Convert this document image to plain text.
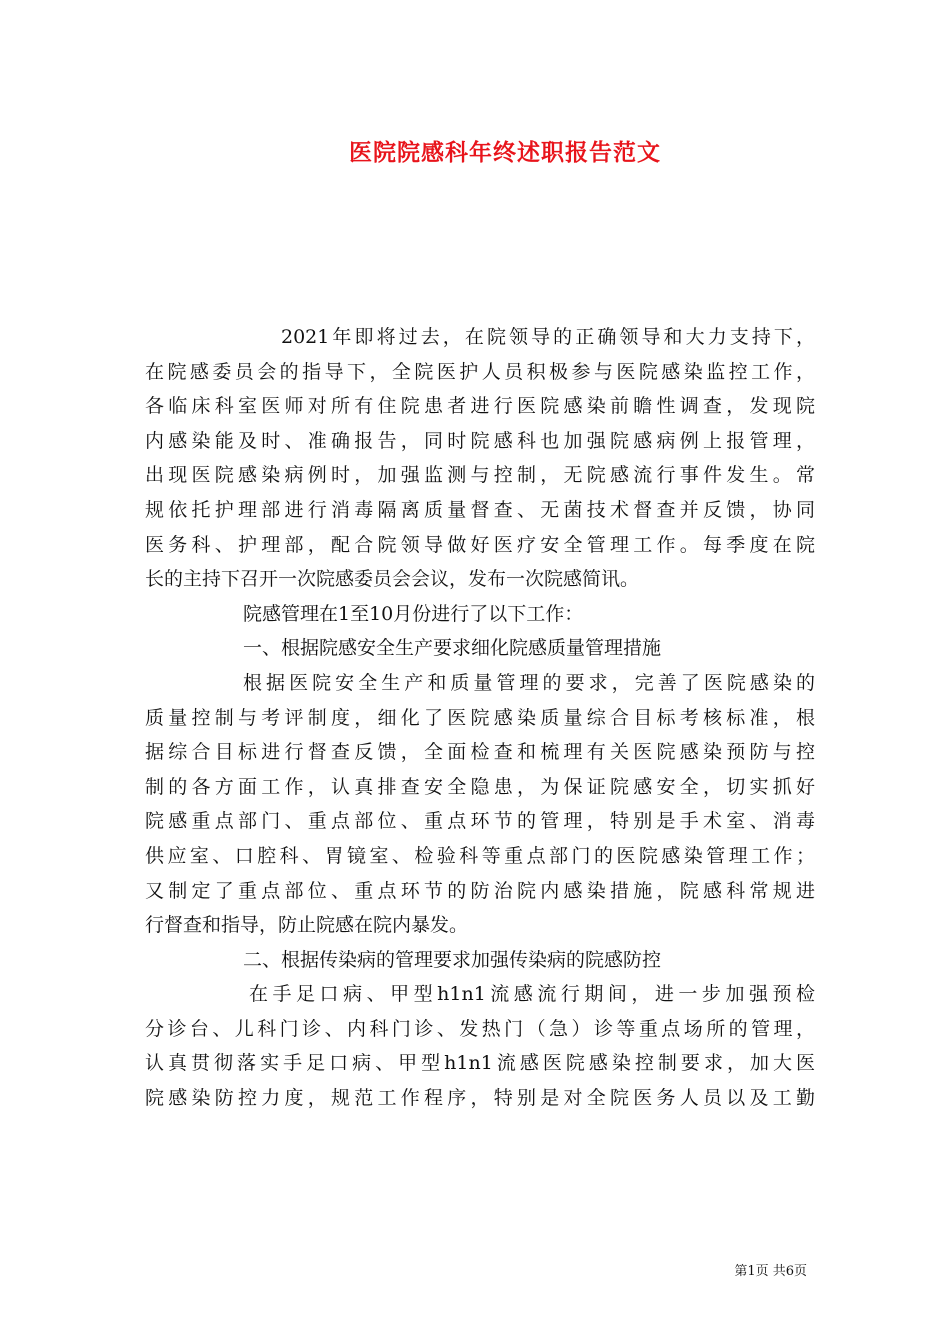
医院院感科年终述职报告范文
2021年即将过去，在院领导的正确领导和大力支持下，
在院感委员会的指导下，全院医护人员积极参与医院感染监控工作，
各临床科室医师对所有住院患者进行医院感染前瞻性调查，发现院
内感染能及时、准确报告，同时院感科也加强院感病例上报管理，
出现医院感染病例时，加强监测与控制，无院感流行事件发生。常
规依托护理部进行消毒隔离质量督查、无菌技术督查并反馈，协同
医务科、护理部，配合院领导做好医疗安全管理工作。每季度在院
长的主持下召开一次院感委员会会议，发布一次院感简讯。
院感管理在1至10月份进行了以下工作：
一、根据院感安全生产要求细化院感质量管理措施
根据医院安全生产和质量管理的要求，完善了医院感染的
质量控制与考评制度，细化了医院感染质量综合目标考核标准，根
据综合目标进行督查反馈，全面检查和梳理有关医院感染预防与控
制的各方面工作，认真排查安全隐患，为保证院感安全，切实抓好
院感重点部门、重点部位、重点环节的管理，特别是手术室、消毒
供应室、口腔科、胃镜室、检验科等重点部门的医院感染管理工作；
又制定了重点部位、重点环节的防治院内感染措施，院感科常规进
行督查和指导，防止院感在院内暴发。
二、根据传染病的管理要求加强传染病的院感防控
在手足口病、甲型h1n1流感流行期间，进一步加强预检
分诊台、儿科门诊、内科门诊、发热门（急）诊等重点场所的管理，
认真贯彻落实手足口病、甲型h1n1流感医院感染控制要求，加大医
院感染防控力度，规范工作程序，特别是对全院医务人员以及工勤
第1页 共6页
